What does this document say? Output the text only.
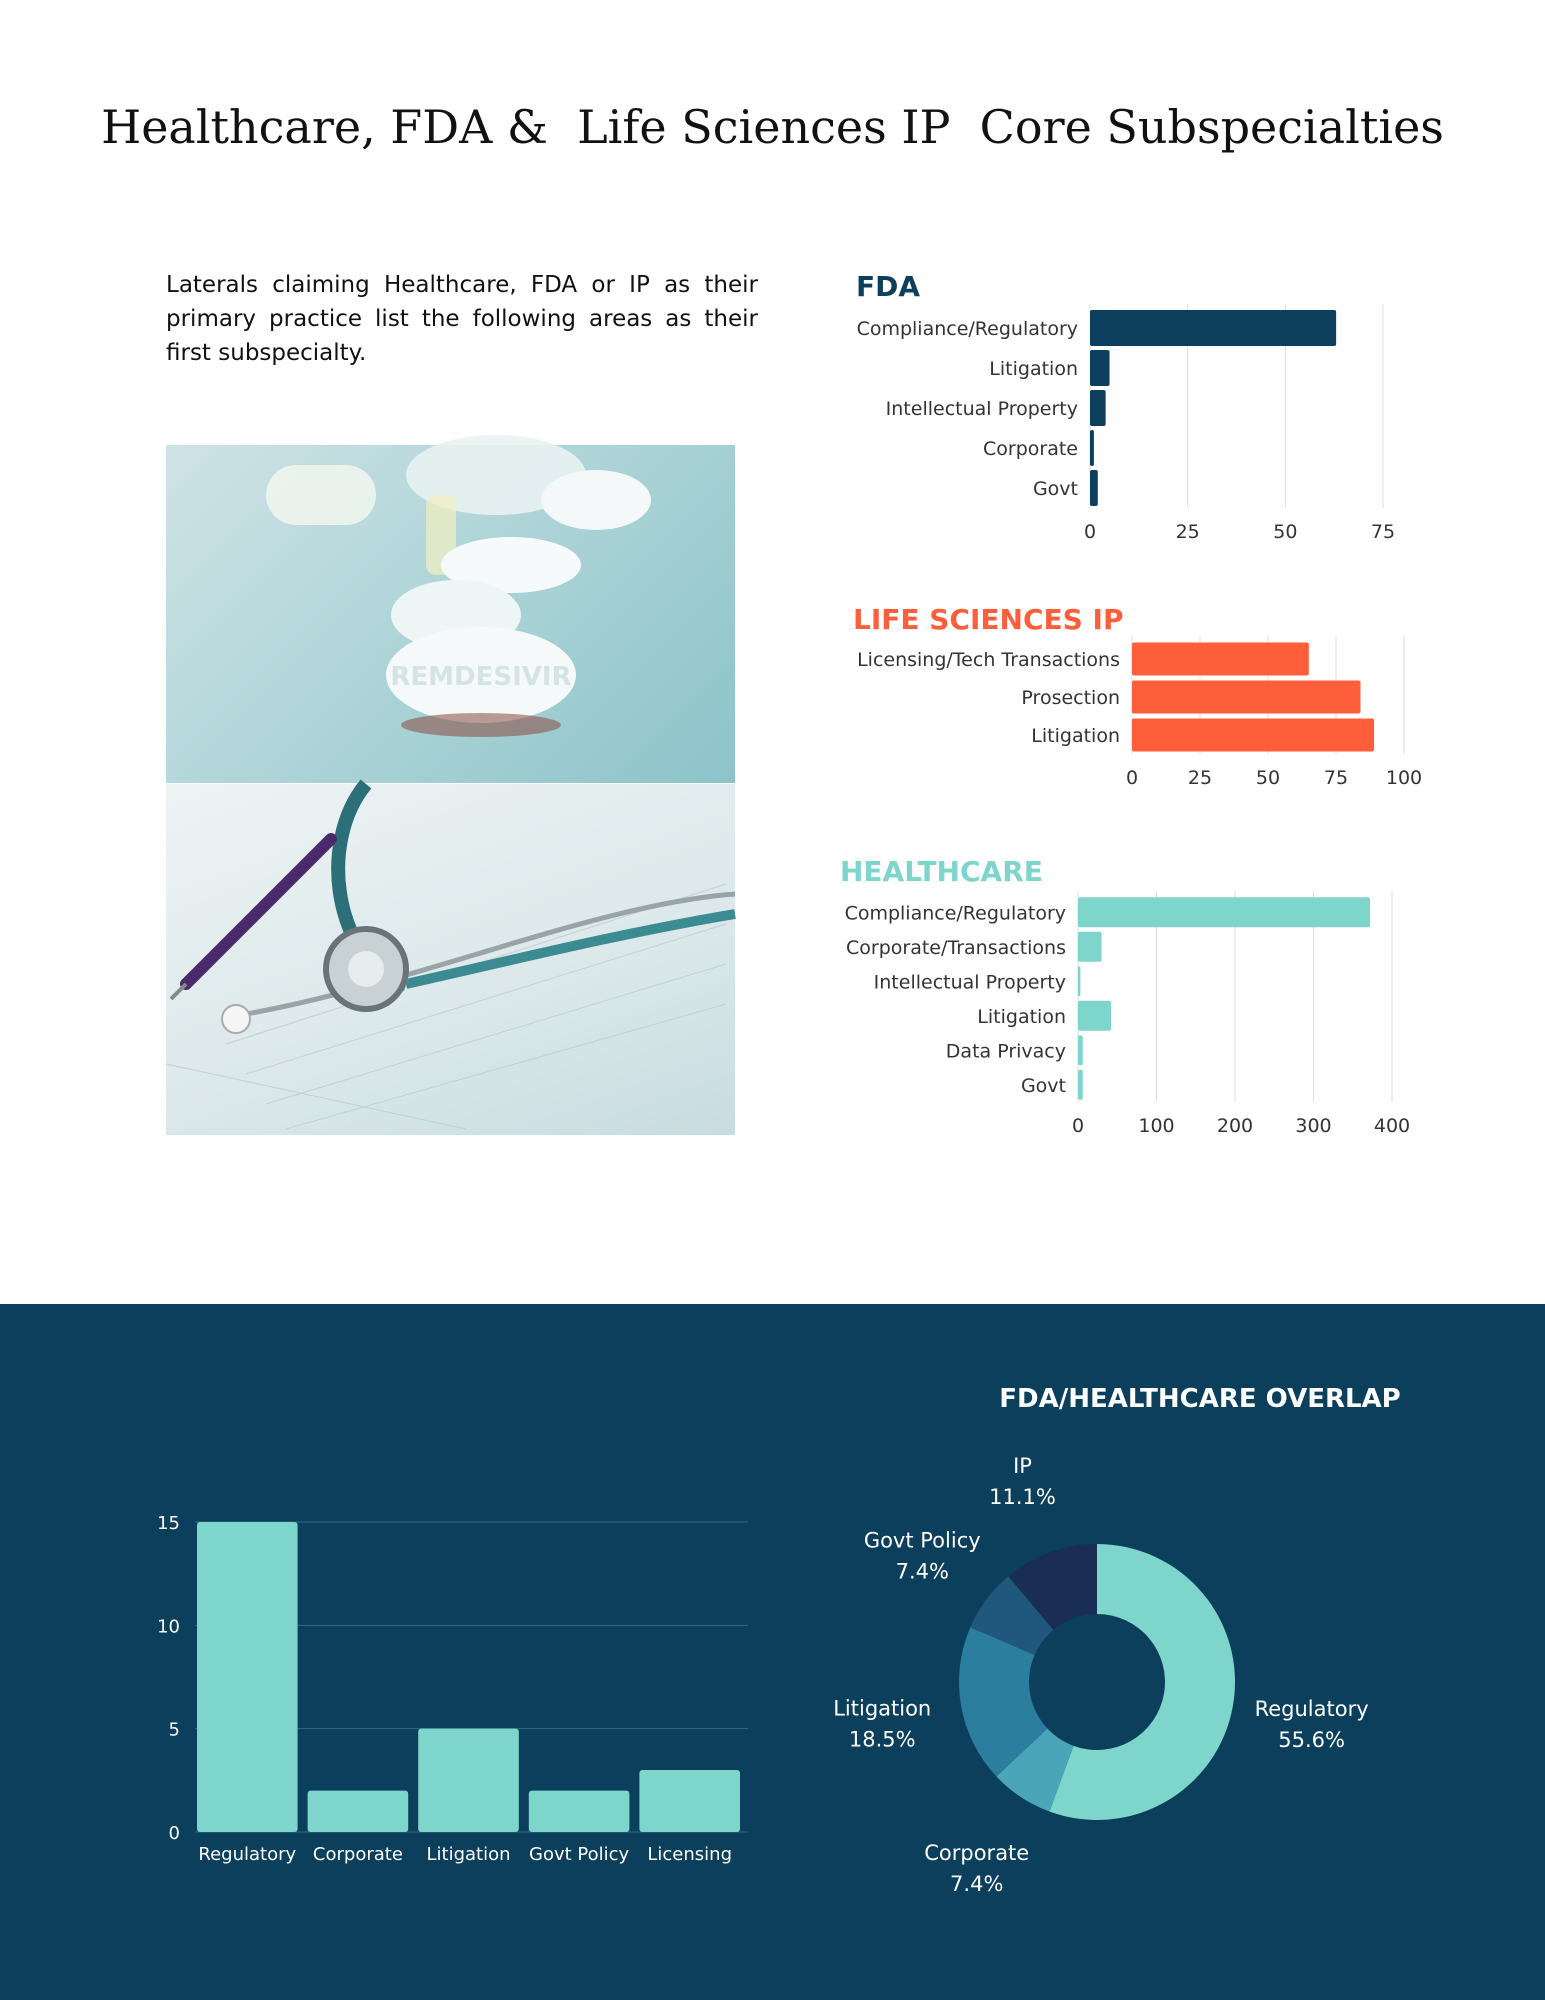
Healthcare, FDA &  Life Sciences IP  Core Subspecialties
Laterals claiming Healthcare, FDA or IP as their primary practice list the following areas as their first subspecialty.
REMDESIVIR
FDA
0	25	50	75
Compliance/Regulatory
Litigation
Intellectual Property
Corporate
Govt
LIFE SCIENCES IP
0	25 50 75 100
Licensing/Tech Transactions
Prosection
Litigation
HEALTHCARE
0	100 200 300 400
Compliance/Regulatory
Corporate/Transactions
Intellectual Property
Litigation
Data Privacy
Govt
FDA/HEALTHCARE OVERLAP
0
5
10
15
Regulatory Corporate Litigation Govt Policy Licensing
Regulatory
55.6%
Corporate
7.4%
Litigation
18.5%
Govt Policy
7.4%
IP
11.1%
